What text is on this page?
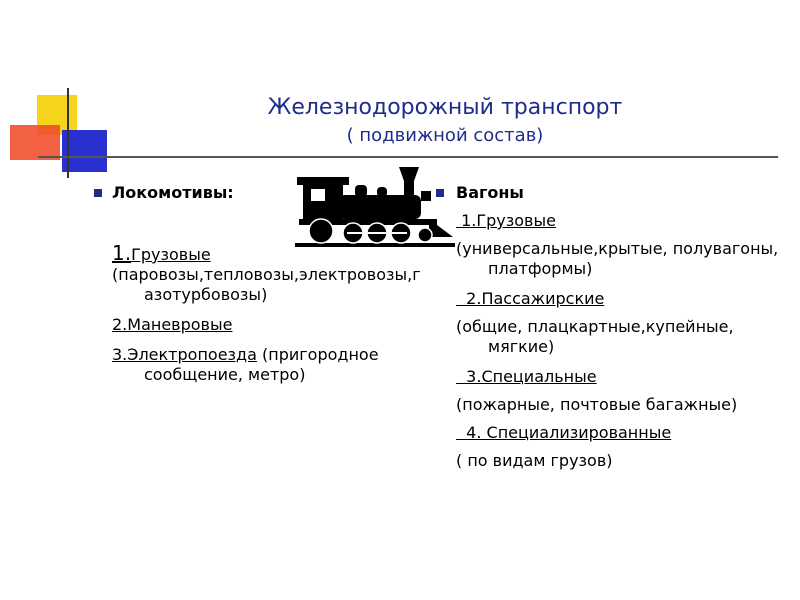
Железнодорожный транспорт
( подвижной состав)
Локомотивы:
1.Грузовые
(паровозы,тепловозы,электровозы,газотурбовозы)
2.Маневровые
3.Электропоезда (пригородное сообщение, метро)
Вагоны
1.Грузовые
(универсальные,крытые, полувагоны, платформы)
2.Пассажирские
(общие, плацкартные,купейные, мягкие)
3.Специальные
(пожарные, почтовые багажные)
4. Специализированные
( по видам грузов)
